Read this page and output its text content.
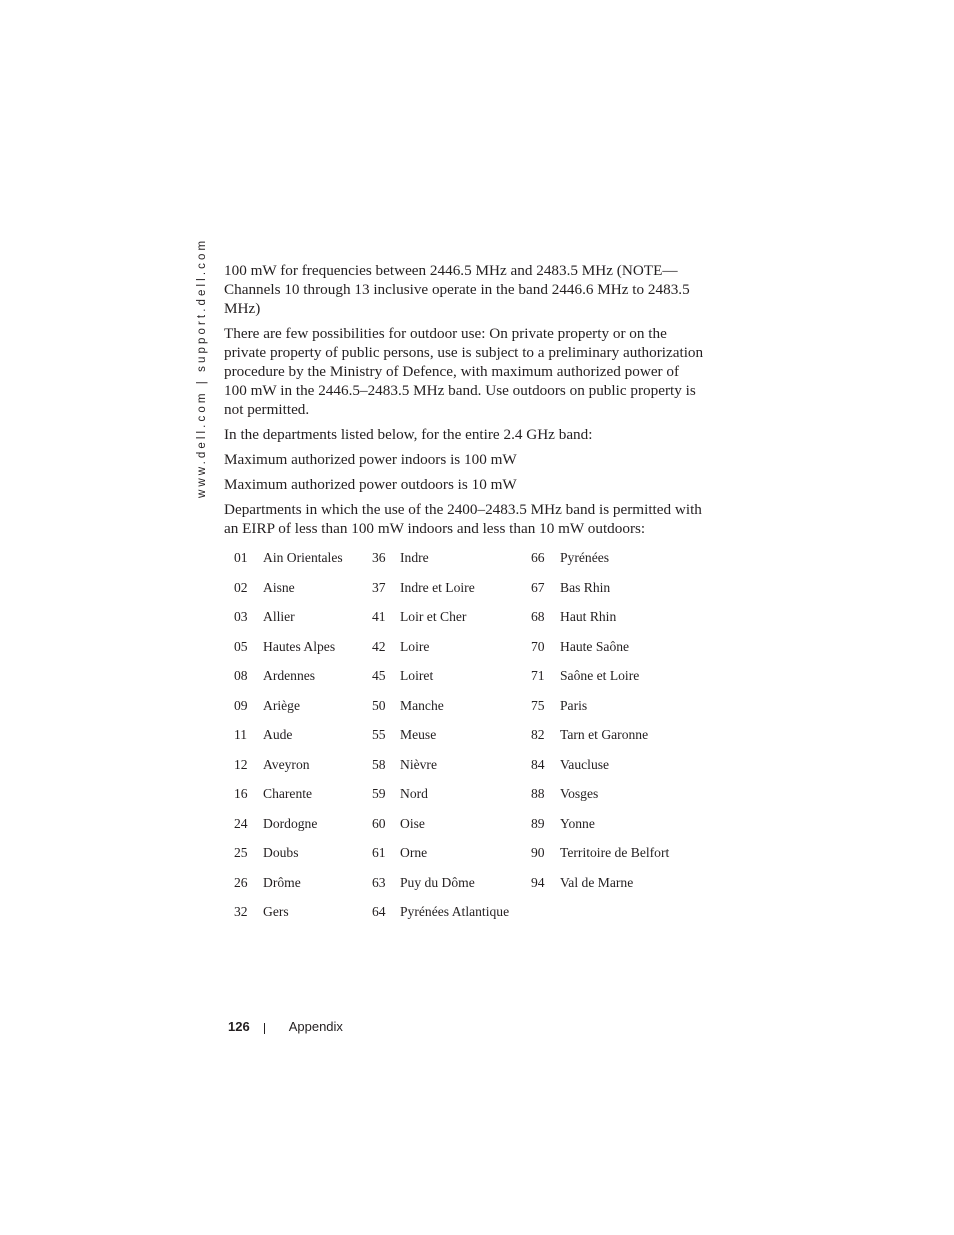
www.dell.com | support.dell.com 100 mW for frequencies between 2446.5 MHz and 2483.5 MHz (NOTE—Channels 10 through 13 inclusive operate in the band 2446.6 MHz to 2483.5 MHz)

There are few possibilities for outdoor use: On private property or on the private property of public persons, use is subject to a preliminary authorization procedure by the Ministry of Defence, with maximum authorized power of 100 mW in the 2446.5–2483.5 MHz band. Use outdoors on public property is not permitted.

In the departments listed below, for the entire 2.4 GHz band:

Maximum authorized power indoors is 100 mW

Maximum authorized power outdoors is 10 mW

Departments in which the use of the 2400–2483.5 MHz band is permitted with an EIRP of less than 100 mW indoors and less than 10 mW outdoors:

01	Ain Orientales	36	Indre	66	Pyrénées
02	Aisne	37	Indre et Loire	67	Bas Rhin
03	Allier	41	Loir et Cher	68	Haut Rhin
05	Hautes Alpes	42	Loire	70	Haute Saône
08	Ardennes	45	Loiret	71	Saône et Loire
09	Ariège	50	Manche	75	Paris
11	Aude	55	Meuse	82	Tarn et Garonne
12	Aveyron	58	Nièvre	84	Vaucluse
16	Charente	59	Nord	88	Vosges
24	Dordogne	60	Oise	89	Yonne
25	Doubs	61	Orne	90	Territoire de Belfort
26	Drôme	63	Puy du Dôme	94	Val de Marne
32	Gers	64	Pyrénées Atlantique		
126	Appendix
